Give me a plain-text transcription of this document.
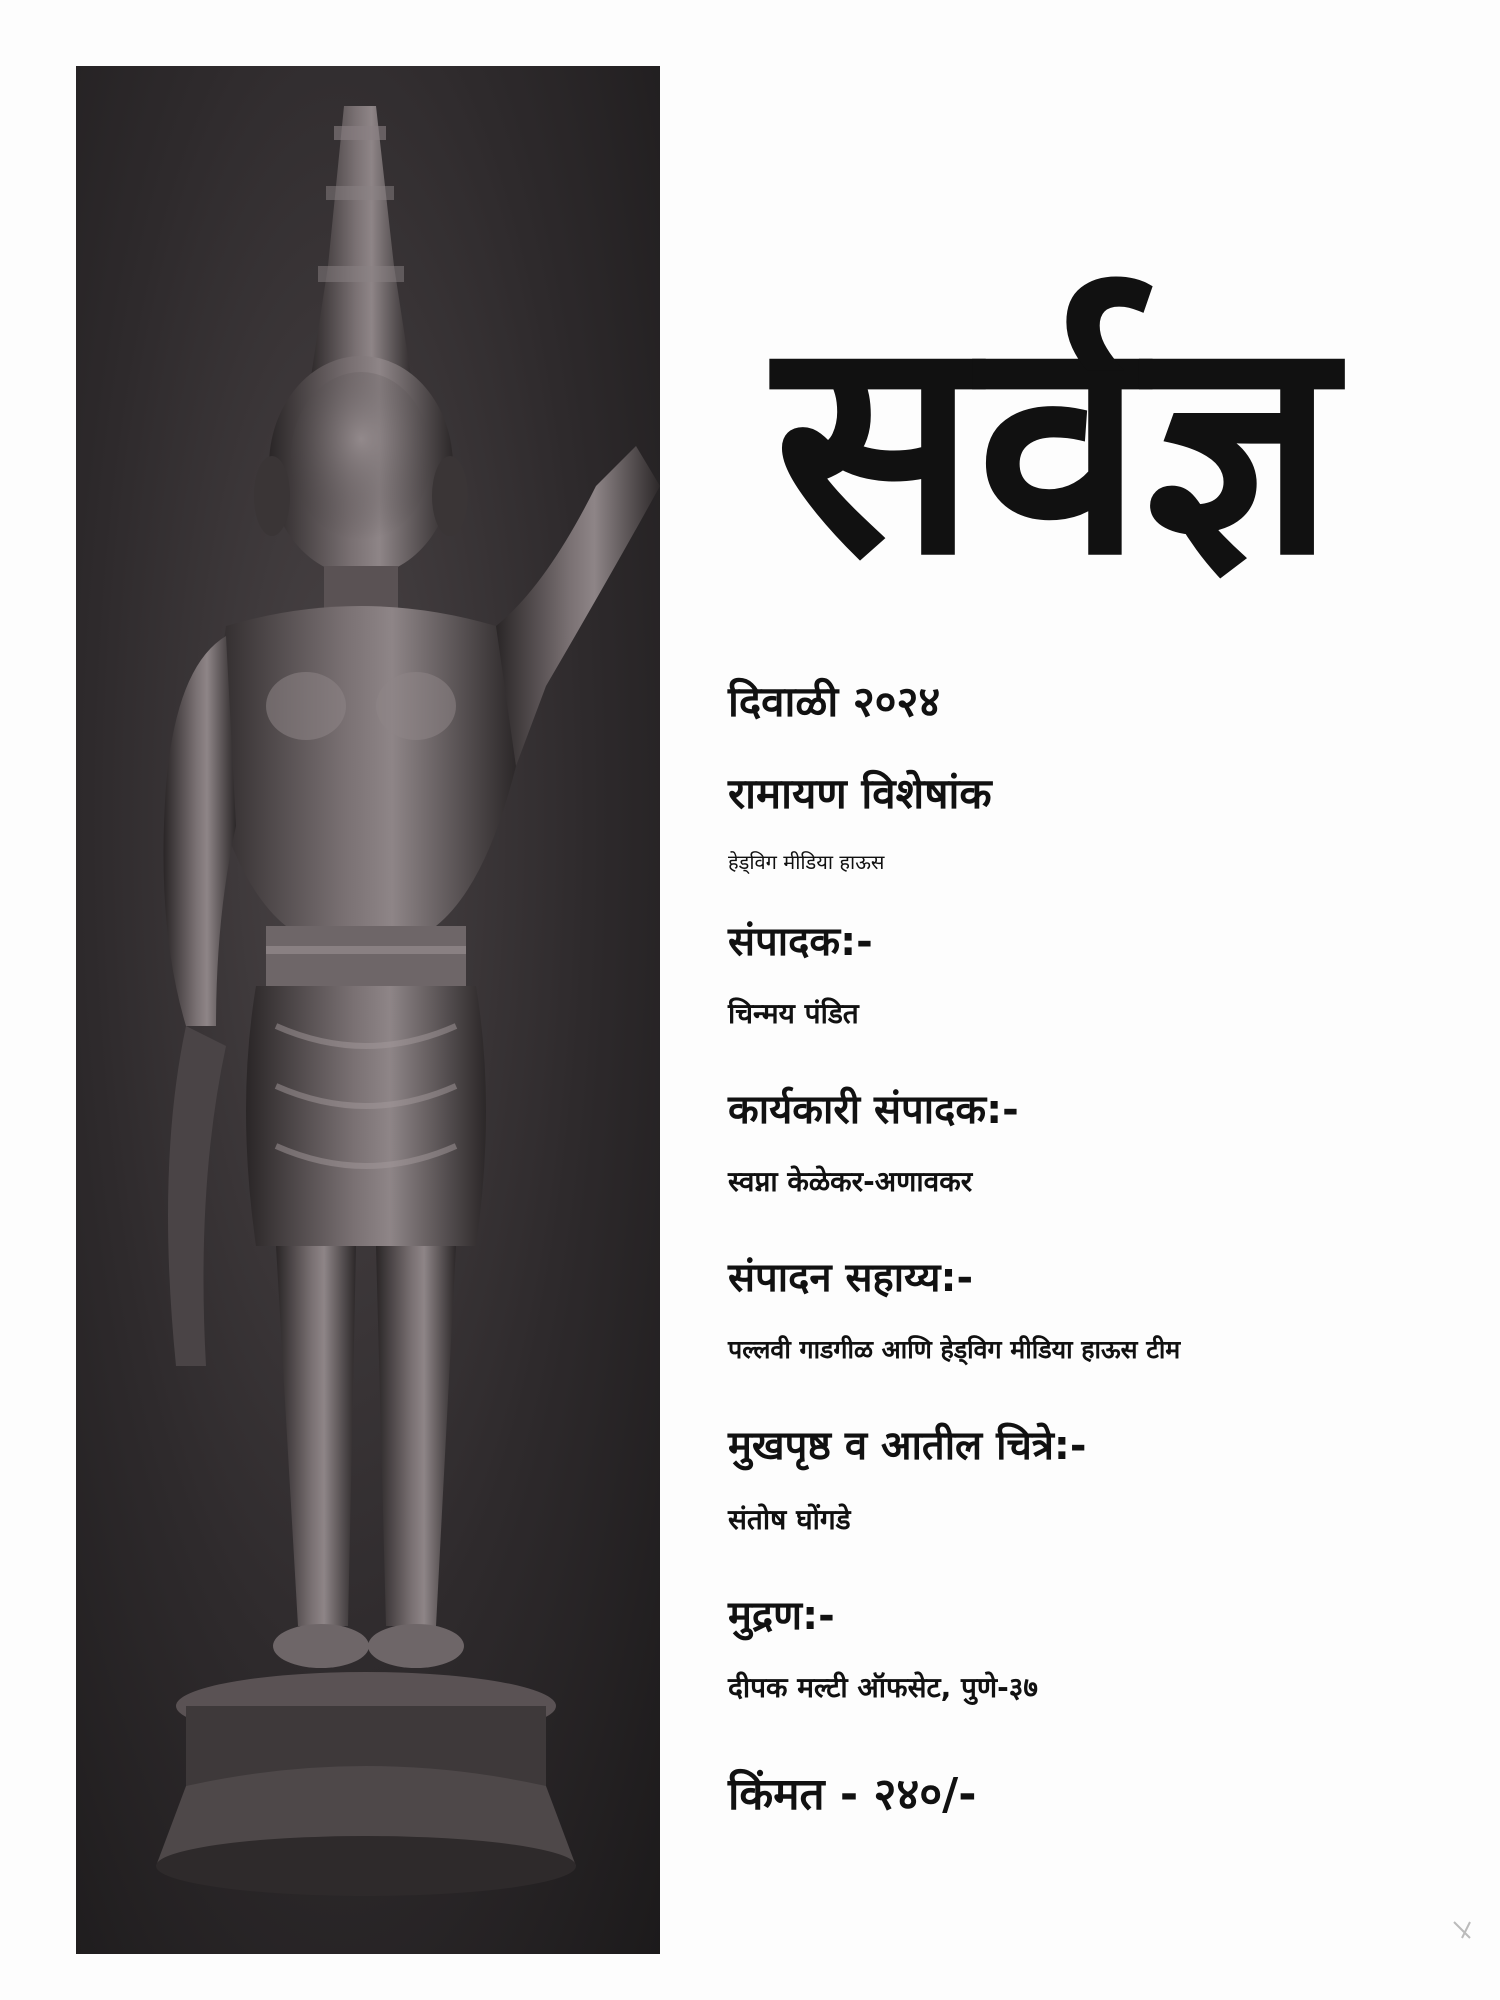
सर्वज्ञ
दिवाळी २०२४
रामायण विशेषांक
हेड्विग मीडिया हाऊस
संपादक:-
चिन्मय पंडित
कार्यकारी संपादक:-
स्वप्ना केळेकर-अणावकर
संपादन सहाय्य:-
पल्लवी गाडगीळ आणि हेड्विग मीडिया हाऊस टीम
मुखपृष्ठ व आतील चित्रे:-
संतोष घोंगडे
मुद्रण:-
दीपक मल्टी ऑफसेट, पुणे-३७
किंमत - २४०/-
